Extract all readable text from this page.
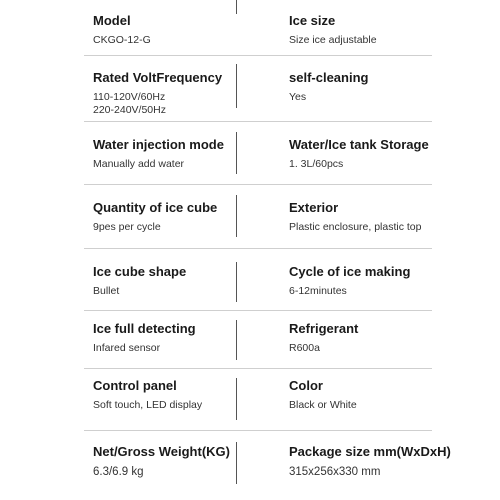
Model
CKGO-12-G
Ice size
Size ice adjustable
Rated VoltFrequency
110-120V/60Hz
220-240V/50Hz
self-cleaning
Yes
Water injection mode
Manually add water
Water/Ice tank Storage
1. 3L/60pcs
Quantity of ice cube
9pes per cycle
Exterior
Plastic enclosure, plastic top
Ice cube shape
Bullet
Cycle of ice making
6-12minutes
Ice full detecting
Infared sensor
Refrigerant
R600a
Control panel
Soft touch, LED display
Color
Black or White
Net/Gross Weight(KG)
6.3/6.9 kg
Package size mm(WxDxH)
315x256x330 mm
